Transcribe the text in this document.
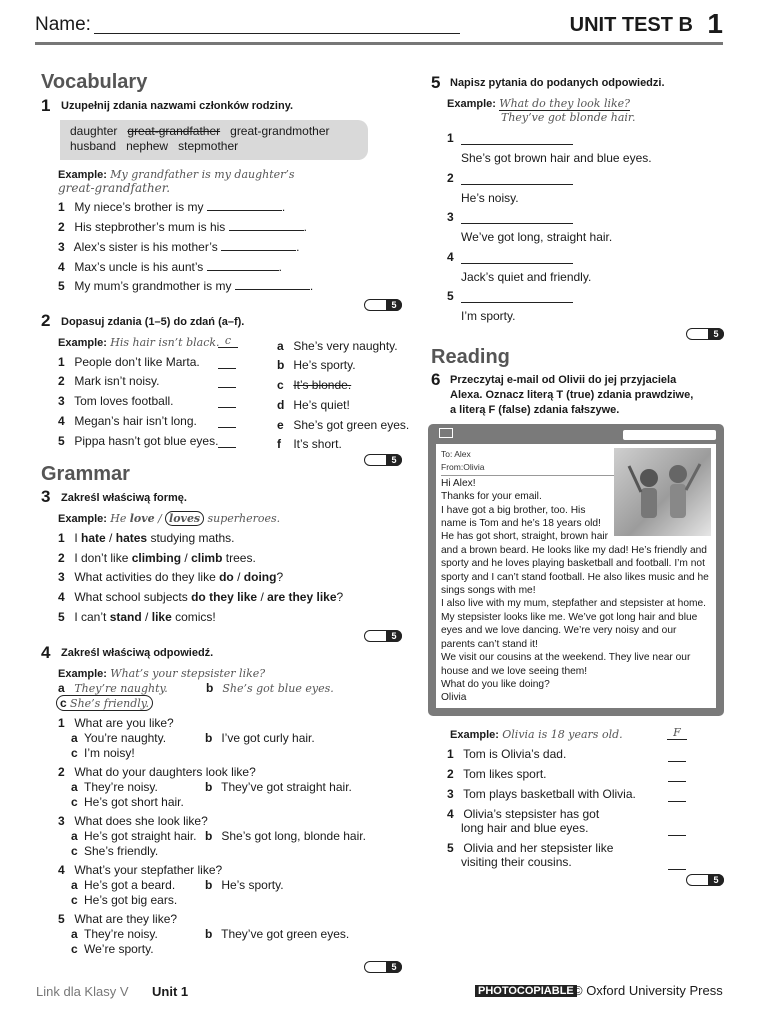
Name:	UNIT TEST B 1
Vocabulary
1 Uzupełnij zdania nazwami członków rodziny.
daughter great-grandfather great-grandmother
husband nephew stepmother
Example: My grandfather is my daughter’s
great-grandfather.
1 My niece’s brother is my	.
2 His stepbrother’s mum is his	.
3 Alex’s sister is his mother’s	.
4 Max’s uncle is his aunt’s	.
5 My mum’s grandmother is my	.
5
2 Dopasuj zdania (1–5) do zdań (a–f).
Example: His hair isn’t black. c
1 People don’t like Marta.
2 Mark isn’t noisy.
3 Tom loves football.
4 Megan’s hair isn’t long.
5 Pippa hasn’t got blue eyes.
a She’s very naughty.
b He’s sporty.
c It’s blonde.
d He’s quiet!
e She’s got green eyes.
f It’s short.
5
Grammar
3 Zakreśl właściwą formę.
Example: He love / loves superheroes.
1 I hate / hates studying maths.
2 I don’t like climbing / climb trees.
3 What activities do they like do / doing?
4 What school subjects do they like / are they like?
5 I can’t stand / like comics!
5
4 Zakreśl właściwą odpowiedź.
Example: What’s your stepsister like?
a They’re naughty.	b She’s got blue eyes.
c She’s friendly.
1 What are you like?
a You’re naughty.	b I’ve got curly hair.
c I’m noisy!
2 What do your daughters look like?
a They’re noisy.	b They’ve got straight hair.
c He’s got short hair.
3 What does she look like?
a He’s got straight hair. b She’s got long, blonde hair.
c She’s friendly.
4 What’s your stepfather like?
a He’s got a beard. b He’s sporty.
c He’s got big ears.
5 What are they like?
a They’re noisy.	b They’ve got green eyes.
c We’re sporty.
5
5 Napisz pytania do podanych odpowiedzi.
Example: What do they look like?
They’ve got blonde hair.
1
She’s got brown hair and blue eyes.
2
He’s noisy.
3
We’ve got long, straight hair.
4
Jack’s quiet and friendly.
5
I’m sporty.
5
Reading
6 Przeczytaj e-mail od Olivii do jej przyjaciela
Alexa. Oznacz literą T (true) zdania prawdziwe,
a literą F (false) zdania fałszywe.
To: Alex
From:Olivia
Hi Alex!
Thanks for your email.
I have got a big brother, too. His name is Tom and he’s 18 years old! He has got short, straight, brown hair and a brown beard. He looks like my dad! He’s friendly and sporty and he loves playing basketball and football. I’m not sporty and I can’t stand football. He also likes music and he sings songs with me!
I also live with my mum, stepfather and stepsister at home. My stepsister looks like me. We’ve got long hair and blue eyes and we love dancing. We’re very noisy and our parents can’t stand it!
We visit our cousins at the weekend. They live near our house and we love seeing them!
What do you like doing?
Olivia
Example: Olivia is 18 years old.	F
1 Tom is Olivia’s dad.
2 Tom likes sport.
3 Tom plays basketball with Olivia.
4 Olivia’s stepsister has got
long hair and blue eyes.
5 Olivia and her stepsister like
visiting their cousins.
5
Link dla Klasy V Unit 1	PHOTOCOPIABLE © Oxford University Press
